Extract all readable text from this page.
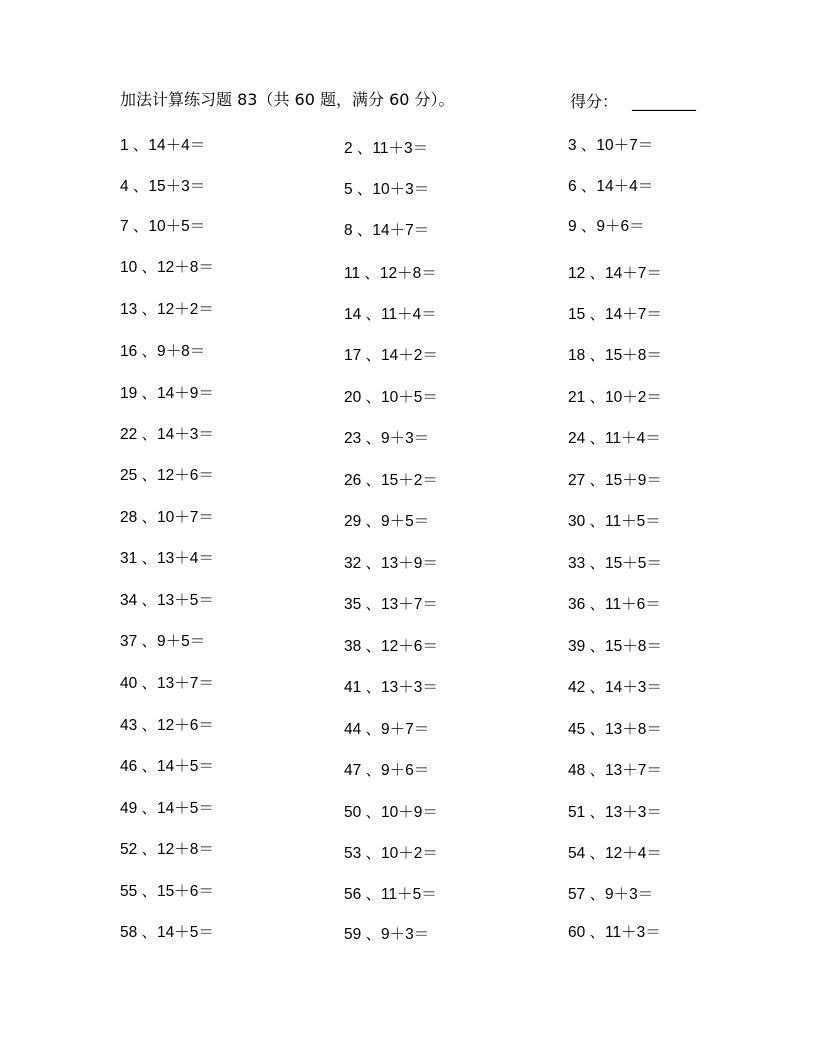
加法计算练习题 83（共 60 题，满分 60 分）。	得分： ________
1 、14＋4＝	2 、11＋3＝	3 、10＋7＝
4 、15＋3＝	5 、10＋3＝	6 、14＋4＝
7 、10＋5＝	8 、14＋7＝	9 、9＋6＝
10 、12＋8＝	11 、12＋8＝	12 、14＋7＝
13 、12＋2＝	14 、11＋4＝	15 、14＋7＝
16 、9＋8＝	17 、14＋2＝	18 、15＋8＝
19 、14＋9＝	20 、10＋5＝	21 、10＋2＝
22 、14＋3＝	23 、9＋3＝	24 、11＋4＝
25 、12＋6＝	26 、15＋2＝	27 、15＋9＝
28 、10＋7＝	29 、9＋5＝	30 、11＋5＝
31 、13＋4＝	32 、13＋9＝	33 、15＋5＝
34 、13＋5＝	35 、13＋7＝	36 、11＋6＝
37 、9＋5＝	38 、12＋6＝	39 、15＋8＝
40 、13＋7＝	41 、13＋3＝	42 、14＋3＝
43 、12＋6＝	44 、9＋7＝	45 、13＋8＝
46 、14＋5＝	47 、9＋6＝	48 、13＋7＝
49 、14＋5＝	50 、10＋9＝	51 、13＋3＝
52 、12＋8＝	53 、10＋2＝	54 、12＋4＝
55 、15＋6＝	56 、11＋5＝	57 、9＋3＝
58 、14＋5＝	59 、9＋3＝	60 、11＋3＝
